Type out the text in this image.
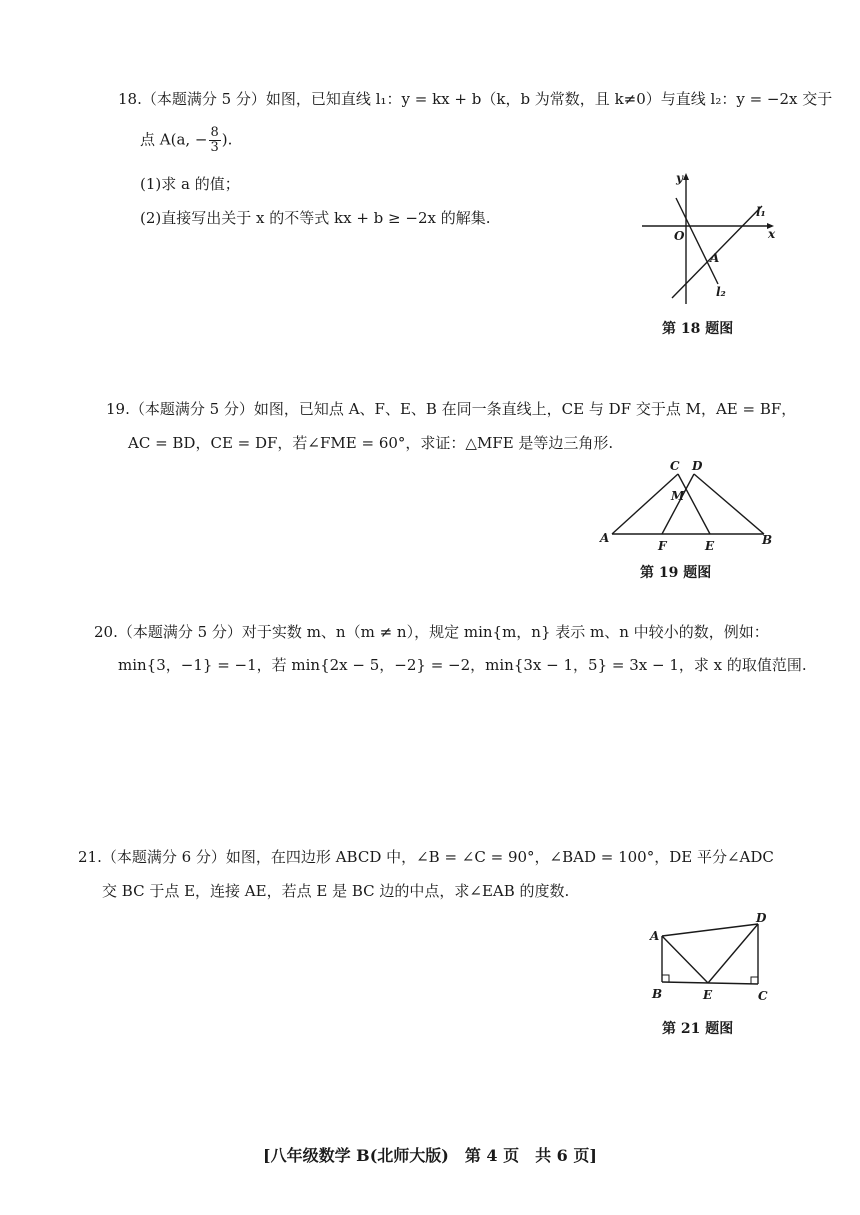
18.（本题满分 5 分）如图，已知直线 l₁：y = kx + b（k，b 为常数，且 k≠0）与直线 l₂：y = −2x 交于
点 A(a, − $\frac{8}{3}$ ).
(1)求 a 的值；
(2)直接写出关于 x 的不等式 kx + b ≥ −2x 的解集.
y
x
O
A
l₁
l₂
第 18 题图
19.（本题满分 5 分）如图，已知点 A、F、E、B 在同一条直线上，CE 与 DF 交于点 M，AE = BF，
AC = BD，CE = DF，若∠FME = 60°，求证：△MFE 是等边三角形.
A
F	E	B
C D
M
第 19 题图
20.（本题满分 5 分）对于实数 m、n（m ≠ n），规定 min{m，n} 表示 m、n 中较小的数，例如：
min{3，−1} = −1，若 min{2x − 5，−2} = −2，min{3x − 1，5} = 3x − 1，求 x 的取值范围.
21.（本题满分 6 分）如图，在四边形 ABCD 中，∠B = ∠C = 90°，∠BAD = 100°，DE 平分∠ADC
交 BC 于点 E，连接 AE，若点 E 是 BC 边的中点，求∠EAB 的度数.
A
B	E	C
D
第 21 题图
[八年级数学 B(北师大版)　第 4 页　共 6 页]
